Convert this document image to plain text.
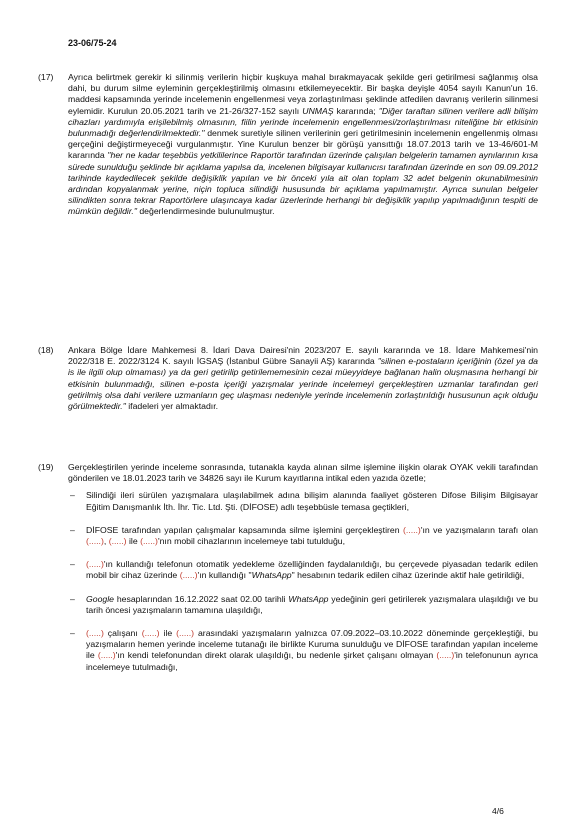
23-06/75-24
(17) Ayrıca belirtmek gerekir ki silinmiş verilerin hiçbir kuşkuya mahal bırakmayacak şekilde geri getirilmesi sağlanmış olsa dahi, bu durum silme eyleminin gerçekleştirilmiş olmasını etkilemeyecektir. Bir başka deyişle 4054 sayılı Kanun'un 16. maddesi kapsamında yerinde incelemenin engellenmesi veya zorlaştırılması şeklinde atfedilen davranış verilerin silinmesi eylemidir. Kurulun 20.05.2021 tarih ve 21-26/327-152 sayılı UNMAŞ kararında; "Diğer taraftan silinen verilere adli bilişim cihazları yardımıyla erişilebilmiş olmasının, fiilin yerinde incelemenin engellenmesi/zorlaştırılması niteliğine bir etkisinin bulunmadığı değerlendirilmektedir." denmek suretiyle silinen verilerinin geri getirilmesinin incelemenin engellenmiş olması gerçeğini değiştirmeyeceği vurgulanmıştır. Yine Kurulun benzer bir görüşü yansıttığı 18.07.2013 tarih ve 13-46/601-M kararında "her ne kadar teşebbüs yetkililerince Raportör tarafından üzerinde çalışılan belgelerin tamamen aynılarının kısa sürede sunulduğu şeklinde bir açıklama yapılsa da, incelenen bilgisayar kullanıcısı tarafından üzerinde en son 09.09.2012 tarihinde kaydedilecek şekilde değişiklik yapılan ve bir önceki yıla ait olan toplam 32 adet belgenin okunabilmesinin ardından kopyalanmak yerine, niçin topluca silindiği hususunda bir açıklama yapılmamıştır. Ayrıca sunulan belgeler silindikten sonra tekrar Raportörlere ulaşıncaya kadar üzerlerinde herhangi bir değişiklik yapılıp yapılmadığının tespiti de mümkün değildir." değerlendirmesinde bulunulmuştur.
(18) Ankara Bölge İdare Mahkemesi 8. İdari Dava Dairesi'nin 2023/207 E. sayılı kararında ve 18. İdare Mahkemesi'nin 2022/318 E. 2022/3124 K. sayılı İGSAŞ (İstanbul Gübre Sanayii AŞ) kararında "silinen e-postaların içeriğinin (özel ya da is ile ilgili olup olmaması) ya da geri getirilip getirilememesinin cezai müeyyideye bağlanan halin oluşmasına herhangi bir etkisinin bulunmadığı, silinen e-posta içeriği yazışmalar yerinde incelemeyi gerçekleştiren uzmanlar tarafından geri getirilmiş olsa dahi verilere uzmanların geç ulaşması nedeniyle yerinde incelemenin zorlaştırıldığı hususunun açık olduğu görülmektedir." ifadeleri yer almaktadır.
(19) Gerçekleştirilen yerinde inceleme sonrasında, tutanakla kayda alınan silme işlemine ilişkin olarak OYAK vekili tarafından gönderilen ve 18.01.2023 tarih ve 34826 sayı ile Kurum kayıtlarına intikal eden yazıda özetle;
– Silindiği ileri sürülen yazışmalara ulaşılabilmek adına bilişim alanında faaliyet gösteren Difose Bilişim Bilgisayar Eğitim Danışmanlık İth. İhr. Tic. Ltd. Şti. (DİFOSE) adlı teşebbüsle temasa geçtikleri,
– DİFOSE tarafından yapılan çalışmalar kapsamında silme işlemini gerçekleştiren (.....)'ın ve yazışmaların tarafı olan (.....), (.....) ile (.....)'nın mobil cihazlarının incelemeye tabi tutulduğu,
– (.....)'ın kullandığı telefonun otomatik yedekleme özelliğinden faydalanıldığı, bu çerçevede piyasadan tedarik edilen mobil bir cihaz üzerinde (.....)'ın kullandığı "WhatsApp" hesabının tedarik edilen cihaz üzerinde aktif hale getirildiği,
– Google hesaplarından 16.12.2022 saat 02.00 tarihli WhatsApp yedeğinin geri getirilerek yazışmalara ulaşıldığı ve bu tarih öncesi yazışmaların tamamına ulaşıldığı,
– (.....) çalışanı (.....) ile (.....) arasındaki yazışmaların yalnızca 07.09.2022–03.10.2022 döneminde gerçekleştiği, bu yazışmaların hemen yerinde inceleme tutanağı ile birlikte Kuruma sunulduğu ve DİFOSE tarafından yapılan inceleme ile (.....)'ın kendi telefonundan direkt olarak ulaşıldığı, bu nedenle şirket çalışanı olmayan (.....)'in telefonunun ayrıca incelemeye tutulmadığı,
4/6
